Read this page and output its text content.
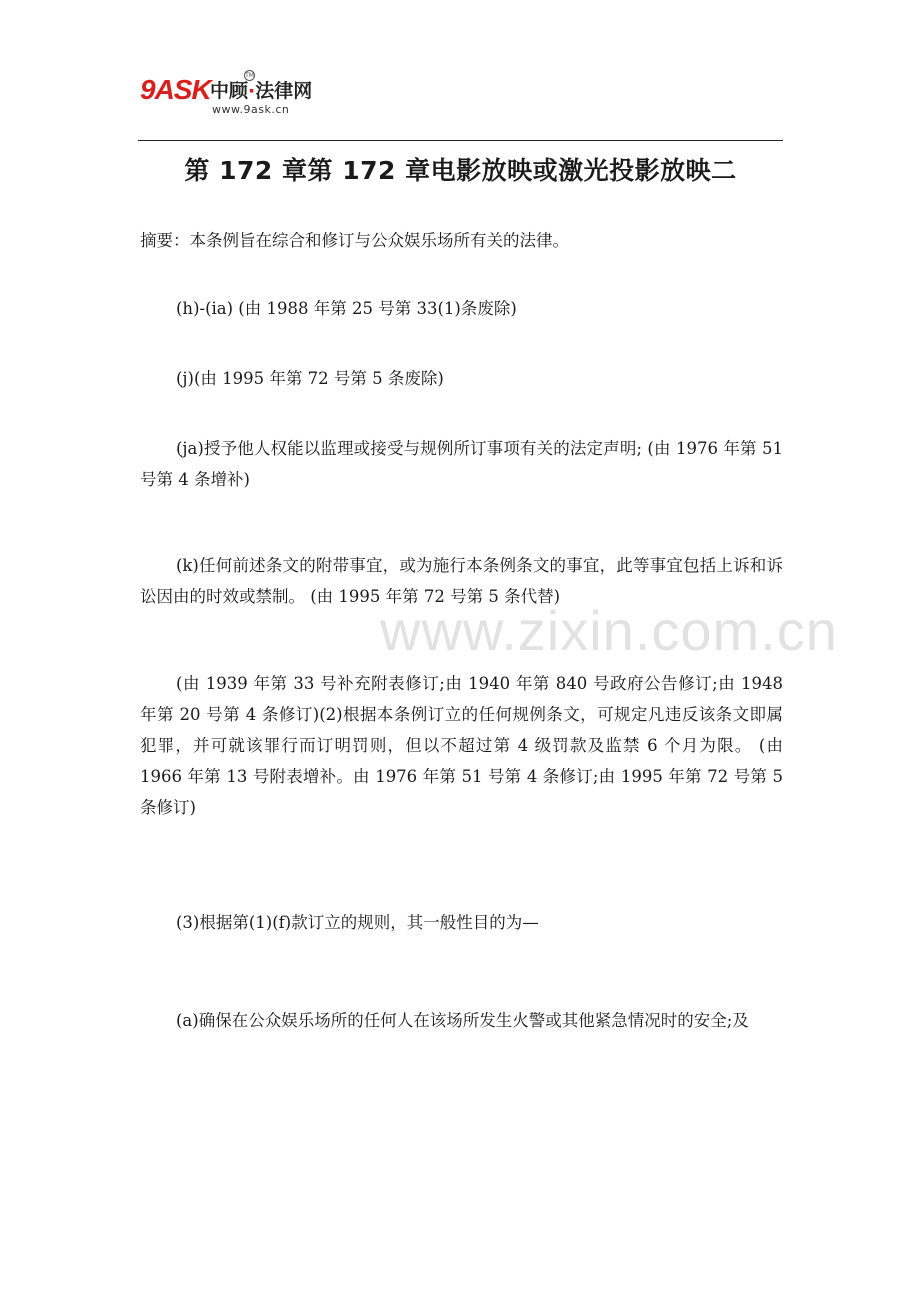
9ASK 中顾·法律网
TM
www.9ask.cn
第 172 章第 172 章电影放映或激光投影放映二
摘要：本条例旨在综合和修订与公众娱乐场所有关的法律。
(h)-(ia) (由 1988 年第 25 号第 33(1)条废除)
(j)(由 1995 年第 72 号第 5 条废除)
(ja)授予他人权能以监理或接受与规例所订事项有关的法定声明; (由 1976 年第 51 号第 4 条增补)
(k)任何前述条文的附带事宜，或为施行本条例条文的事宜，此等事宜包括上诉和诉讼因由的时效或禁制。 (由 1995 年第 72 号第 5 条代替)
(由 1939 年第 33 号补充附表修订;由 1940 年第 840 号政府公告修订;由 1948 年第 20 号第 4 条修订)(2)根据本条例订立的任何规例条文，可规定凡违反该条文即属犯罪，并可就该罪行而订明罚则，但以不超过第 4 级罚款及监禁 6 个月为限。 (由 1966 年第 13 号附表增补。由 1976 年第 51 号第 4 条修订;由 1995 年第 72 号第 5 条修订)
(3)根据第(1)(f)款订立的规则，其一般性目的为—
(a)确保在公众娱乐场所的任何人在该场所发生火警或其他紧急情况时的安全;及
www.zixin.com.cn
